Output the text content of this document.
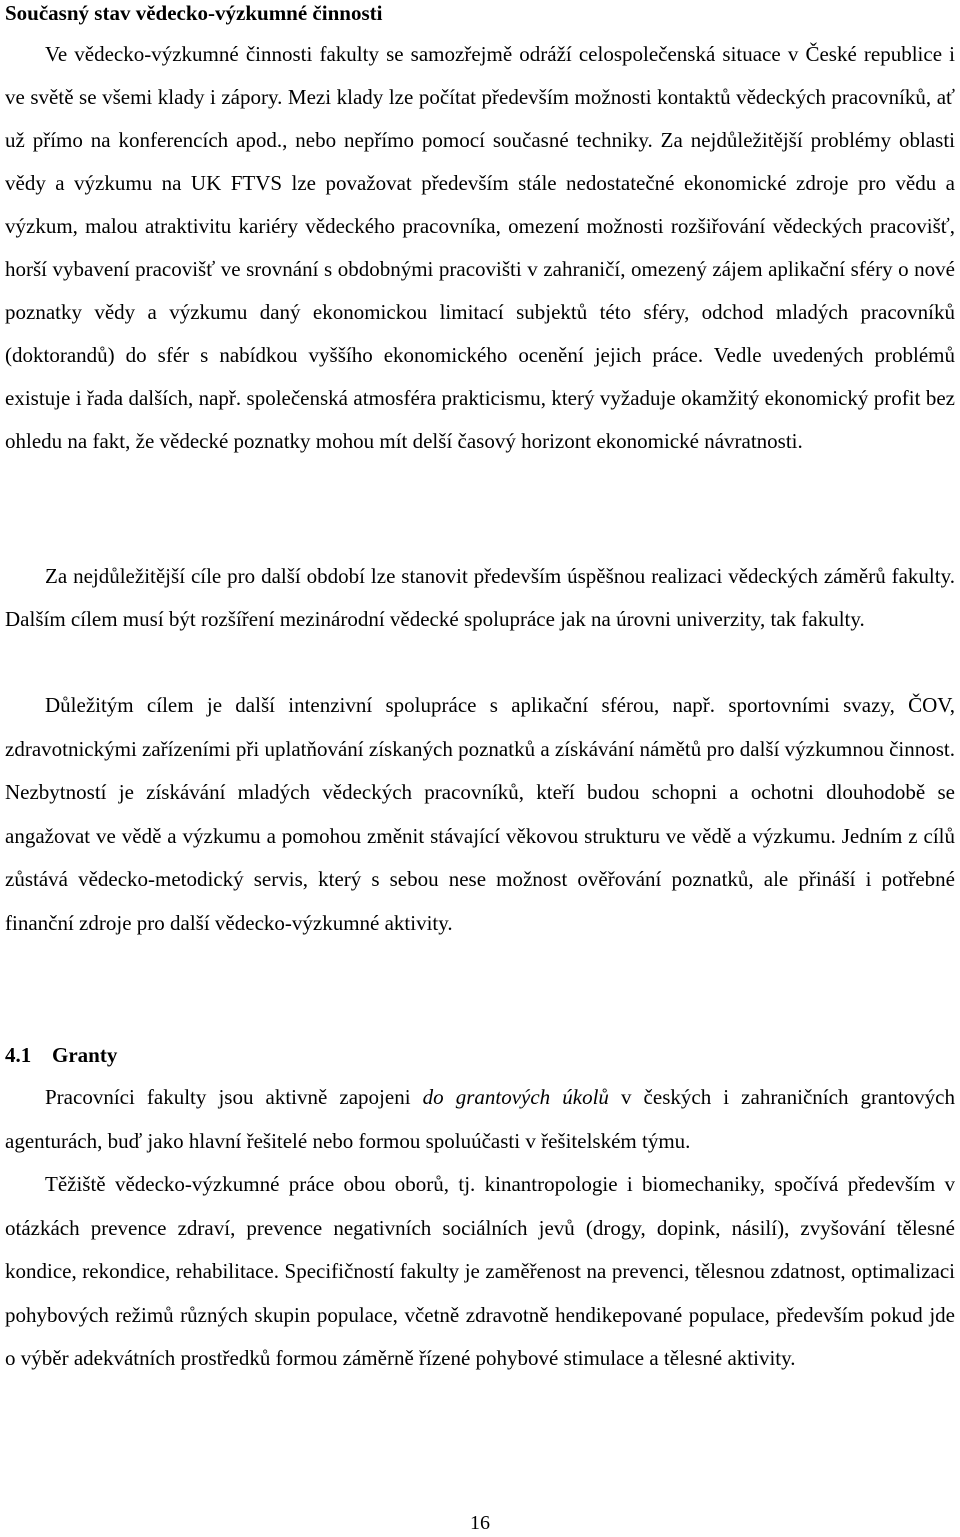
Současný stav vědecko-výzkumné činnosti

Ve vědecko-výzkumné činnosti fakulty se samozřejmě odráží celospolečenská situace v České republice i ve světě se všemi klady i zápory. Mezi klady lze počítat především možnosti kontaktů vědeckých pracovníků, ať už přímo na konferencích apod., nebo nepřímo pomocí současné techniky. Za nejdůležitější problémy oblasti vědy a výzkumu na UK FTVS lze považovat především stále nedostatečné ekonomické zdroje pro vědu a výzkum, malou atraktivitu kariéry vědeckého pracovníka, omezení možnosti rozšiřování vědeckých pracovišť, horší vybavení pracovišť ve srovnání s obdobnými pracovišti v zahraničí, omezený zájem aplikační sféry o nové poznatky vědy a výzkumu daný ekonomickou limitací subjektů této sféry, odchod mladých pracovníků (doktorandů) do sfér s nabídkou vyššího ekonomického ocenění jejich práce. Vedle uvedených problémů existuje i řada dalších, např. společenská atmosféra prakticismu, který vyžaduje okamžitý ekonomický profit bez ohledu na fakt, že vědecké poznatky mohou mít delší časový horizont ekonomické návratnosti.

Za nejdůležitější cíle pro další období lze stanovit především úspěšnou realizaci vědeckých záměrů fakulty. Dalším cílem musí být rozšíření mezinárodní vědecké spolupráce jak na úrovni univerzity, tak fakulty.

Důležitým cílem je další intenzivní spolupráce s aplikační sférou, např. sportovními svazy, ČOV, zdravotnickými zařízeními při uplatňování získaných poznatků a získávání námětů pro další výzkumnou činnost. Nezbytností je získávání mladých vědeckých pracovníků, kteří budou schopni a ochotni dlouhodobě se angažovat ve vědě a výzkumu a pomohou změnit stávající věkovou strukturu ve vědě a výzkumu. Jedním z cílů zůstává vědecko-metodický servis, který s sebou nese možnost ověřování poznatků, ale přináší i potřebné finanční zdroje pro další vědecko-výzkumné aktivity.

4.1 Granty

Pracovníci fakulty jsou aktivně zapojeni do grantových úkolů v českých i zahraničních grantových agenturách, buď jako hlavní řešitelé nebo formou spoluúčasti v řešitelském týmu.

Těžiště vědecko-výzkumné práce obou oborů, tj. kinantropologie i biomechaniky, spočívá především v otázkách prevence zdraví, prevence negativních sociálních jevů (drogy, dopink, násilí), zvyšování tělesné kondice, rekondice, rehabilitace. Specifičností fakulty je zaměřenost na prevenci, tělesnou zdatnost, optimalizaci pohybových režimů různých skupin populace, včetně zdravotně hendikepované populace, především pokud jde o výběr adekvátních prostředků formou záměrně řízené pohybové stimulace a tělesné aktivity.

16
